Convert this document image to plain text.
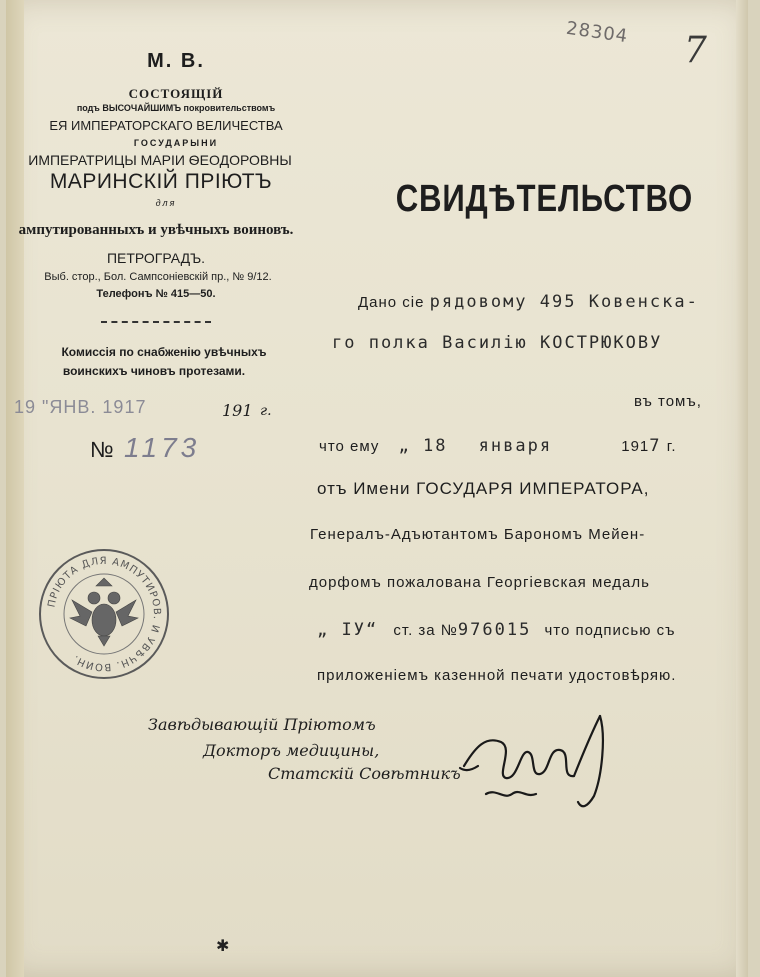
28304 7
М. В.
СОСТОЯЩIЙ
подъ ВЫСОЧАЙШИМЪ покровительствомъ
ЕЯ ИМПЕРАТОРСКАГО ВЕЛИЧЕСТВА
ГОСУДАРЫНИ
ИМПЕРАТРИЦЫ МАРIИ ѲЕОДОРОВНЫ
МАРИНСКIЙ ПРIЮТЪ
для
ампутированныхъ и увѣчныхъ воиновъ.
ПЕТРОГРАДЪ.
Выб. стор., Бол. Сампсонiевскiй пр., № 9/12.
Телефонъ № 415—50.
Комиссiя по снабженiю увѣчныхъ
воинскихъ чиновъ протезами.
19 "ЯНВ. 1917	191 г.
№ 1173
ПРIЮТА ДЛЯ АМПУТИРОВ. И УВѢЧН. ВОИН.
СВИДѢТЕЛЬСТВО
Дано сiе рядовому 495 Ковенска-
го полка Василiю КОСТРЮКОВУ
въ томъ,
что ему „ 18 января	1917 г.
отъ Имени ГОСУДАРЯ ИМПЕРАТОРА,
Генералъ-Адъютантомъ Барономъ Мейен-
дорфомъ пожалована Георгiевская медаль
„ IУ“ ст. за №976015 что подписью съ
приложенiемъ казенной печати удостовѣряю.
Завѣдывающiй Прiютомъ
Докторъ медицины,
Статскiй Совѣтникъ
✱
